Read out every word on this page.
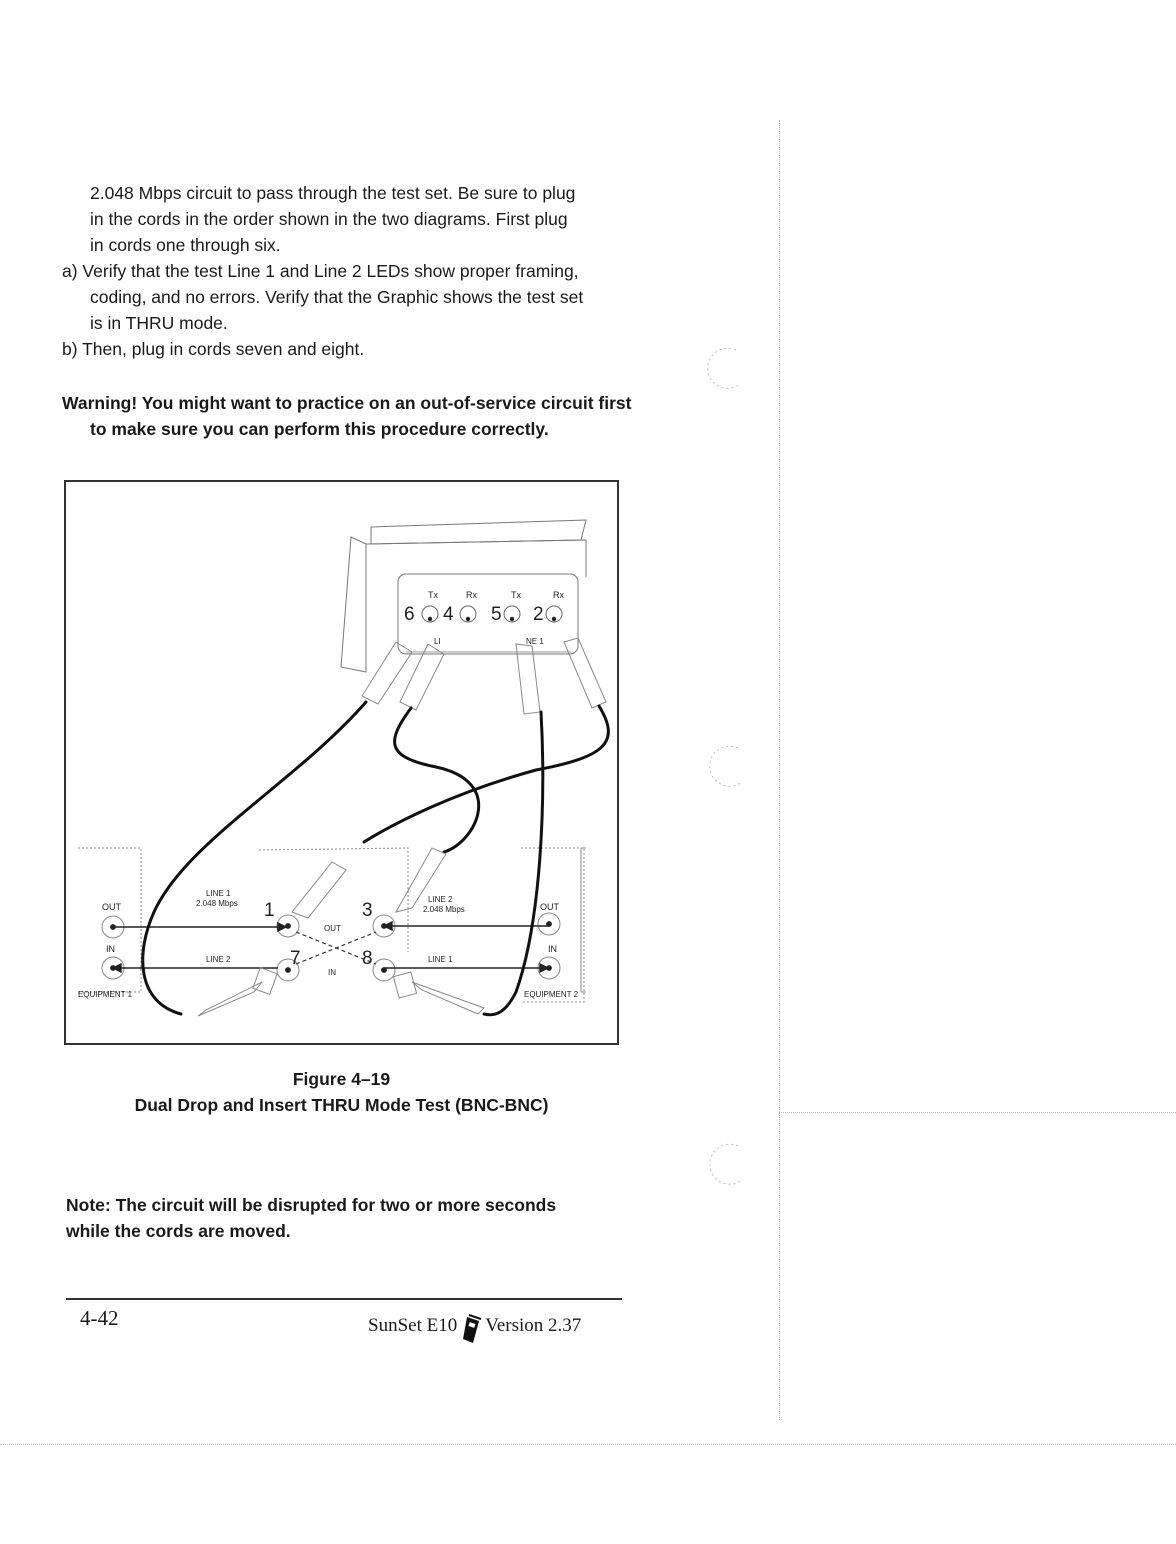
2.048 Mbps circuit to pass through the test set. Be sure to plug

in the cords in the order shown in the two diagrams. First plug

in cords one through six.

a) Verify that the test Line 1 and Line 2 LEDs show proper framing,

coding, and no errors. Verify that the Graphic shows the test set

is in THRU mode.

b) Then, plug in cords seven and eight.

Warning! You might want to practice on an out-of-service circuit first to make sure you can perform this procedure correctly.

Tx	Rx	Tx	Rx
6 4 5 2
LI	NE 1
OUT
IN
EQUIPMENT 1
OUT
IN
EQUIPMENT 2
LINE 1
2.048 Mbps
LINE 2
LINE 2
2.048 Mbps
LINE 1
OUT
IN
1	3
7	8
Figure 4–19
Dual Drop and Insert THRU Mode Test (BNC-BNC)
Note: The circuit will be disrupted for two or more seconds
while the cords are moved.
4-42	SunSet E10 Version 2.37
